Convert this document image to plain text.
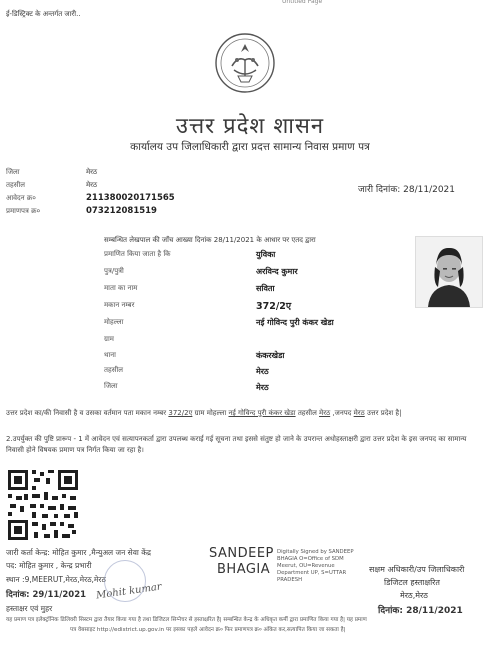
ई-डिस्ट्रिक्ट के अन्तर्गत जारी..
Untitled Page
उत्तर प्रदेश शासन
कार्यालय उप जिलाधिकारी द्वारा प्रदत्त सामान्य निवास प्रमाण पत्र
जिला	मेरठ
तहसील	मेरठ
आवेदन क्र०	211380020171565
प्रमाणपत्र क्र०	073212081519
जारी दिनांक: 28/11/2021
सम्बन्धित लेखपाल की जाँच आख्या दिनांक 28/11/2021 के आधार पर एतद द्वारा
प्रमाणित किया जाता है कि	युविका
पुत्र/पुत्री	अरविन्द कुमार
माता का नाम	सविता
मकान नम्बर	372/2ए
मोहल्ला	नई गोविन्द पुरी कंकर खेडा
ग्राम
थाना	कंकरखेडा
तहसील	मेरठ
जिला	मेरठ
उत्तर प्रदेश का/की निवासी है व उसका वर्तमान पता मकान नम्बर 372/2ए ग्राम मोहल्ला नई गोविन्द पुरी कंकर खेडा तहसील मेरठ ,जनपद मेरठ उत्तर प्रदेश है|
2.उपर्युक्त की पुष्टि प्रारूप - 1 में आवेदन एवं सत्यापनकर्ता द्वारा उपलब्ध कराई गई सूचना तथा इससे संतुष्ट हो जाने के उपरान्त अधोहस्ताक्षरी द्वारा उत्तर प्रदेश के इस जनपद का सामान्य निवासी होने विषयक प्रमाण पत्र निर्गत किया जा रहा है।
जारी कर्ता केन्द्र: मोहित कुमार ,मैन्युअल जन सेवा केंद्र
पद: मोहित कुमार , केन्द्र प्रभारी
स्थान :9,MEERUT,मेरठ,मेरठ,मेरठ
दिनांक: 29/11/2021
हस्ताक्षर एवं मुहर
Mohit kumar
SANDEEP
BHAGIA
Digitally Signed by SANDEEP BHAGIA O=Office of SDM Meerut, OU=Revenue Department UP, S=UTTAR PRADESH
सक्षम अधिकारी/उप जिलाधिकारी
डिजिटल हस्ताक्षरित
मेरठ,मेरठ
दिनांक: 28/11/2021
यह प्रमाण पत्र इलेक्ट्रॉनिक डिलिवरी सिस्टम द्वारा तैयार किया गया है तथा डिजिटल सिग्नेचर से हस्ताक्षरित है| सम्बन्धित केन्द्र के अधिकृत कर्मी द्वारा प्रमाणित किया गया है| यह प्रमाण
पत्र वेबसाइट http://edistrict.up.gov.in पर इसका पहले आवेदन क्र० फिर प्रमाणपत्र क्र० अंकित कर,सत्यापित किया जा सकता है|
